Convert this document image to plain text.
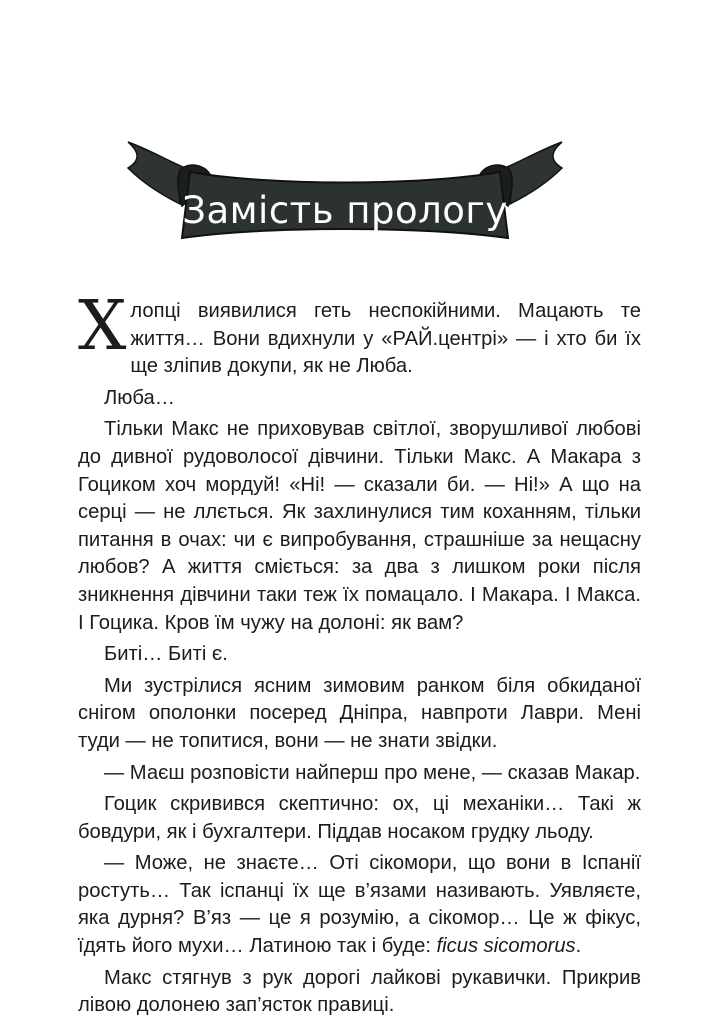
Замість прологу

Хлопці виявилися геть неспокійними. Мацають те життя… Вони вдихнули у «РАЙ.центрі» — і хто би їх ще зліпив докупи, як не Люба.

Люба…

Тільки Макс не приховував світлої, зворушливої любові до дивної рудоволосої дівчини. Тільки Макс. А Макара з Гоциком хоч мордуй! «Ні! — сказали би. — Ні!» А що на серці — не ллється. Як захлинулися тим коханням, тільки питання в очах: чи є випробування, страшніше за нещасну любов? А життя сміється: за два з лишком роки після зникнення дівчини таки теж їх помацало. І Макара. І Макса. І Гоцика. Кров їм чужу на долоні: як вам?

Биті… Биті є.

Ми зустрілися ясним зимовим ранком біля обкиданої снігом ополонки посеред Дніпра, навпроти Лаври. Мені туди — не топитися, вони — не знати звідки.

— Маєш розповісти найперш про мене, — сказав Макар.

Гоцик скривився скептично: ох, ці механіки… Такі ж бовдури, як і бухгалтери. Піддав носаком грудку льоду.

— Може, не знаєте… Оті сікомори, що вони в Іспанії ростуть… Так іспанці їх ще в’язами називають. Уявляєте, яка дурня? В’яз — це я розумію, а сікомор… Це ж фікус, їдять його мухи… Латиною так і буде: ficus sicomorus.

Макс стягнув з рук дорогі лайкові рукавички. Прикрив лівою долонею зап’ясток правиці.
